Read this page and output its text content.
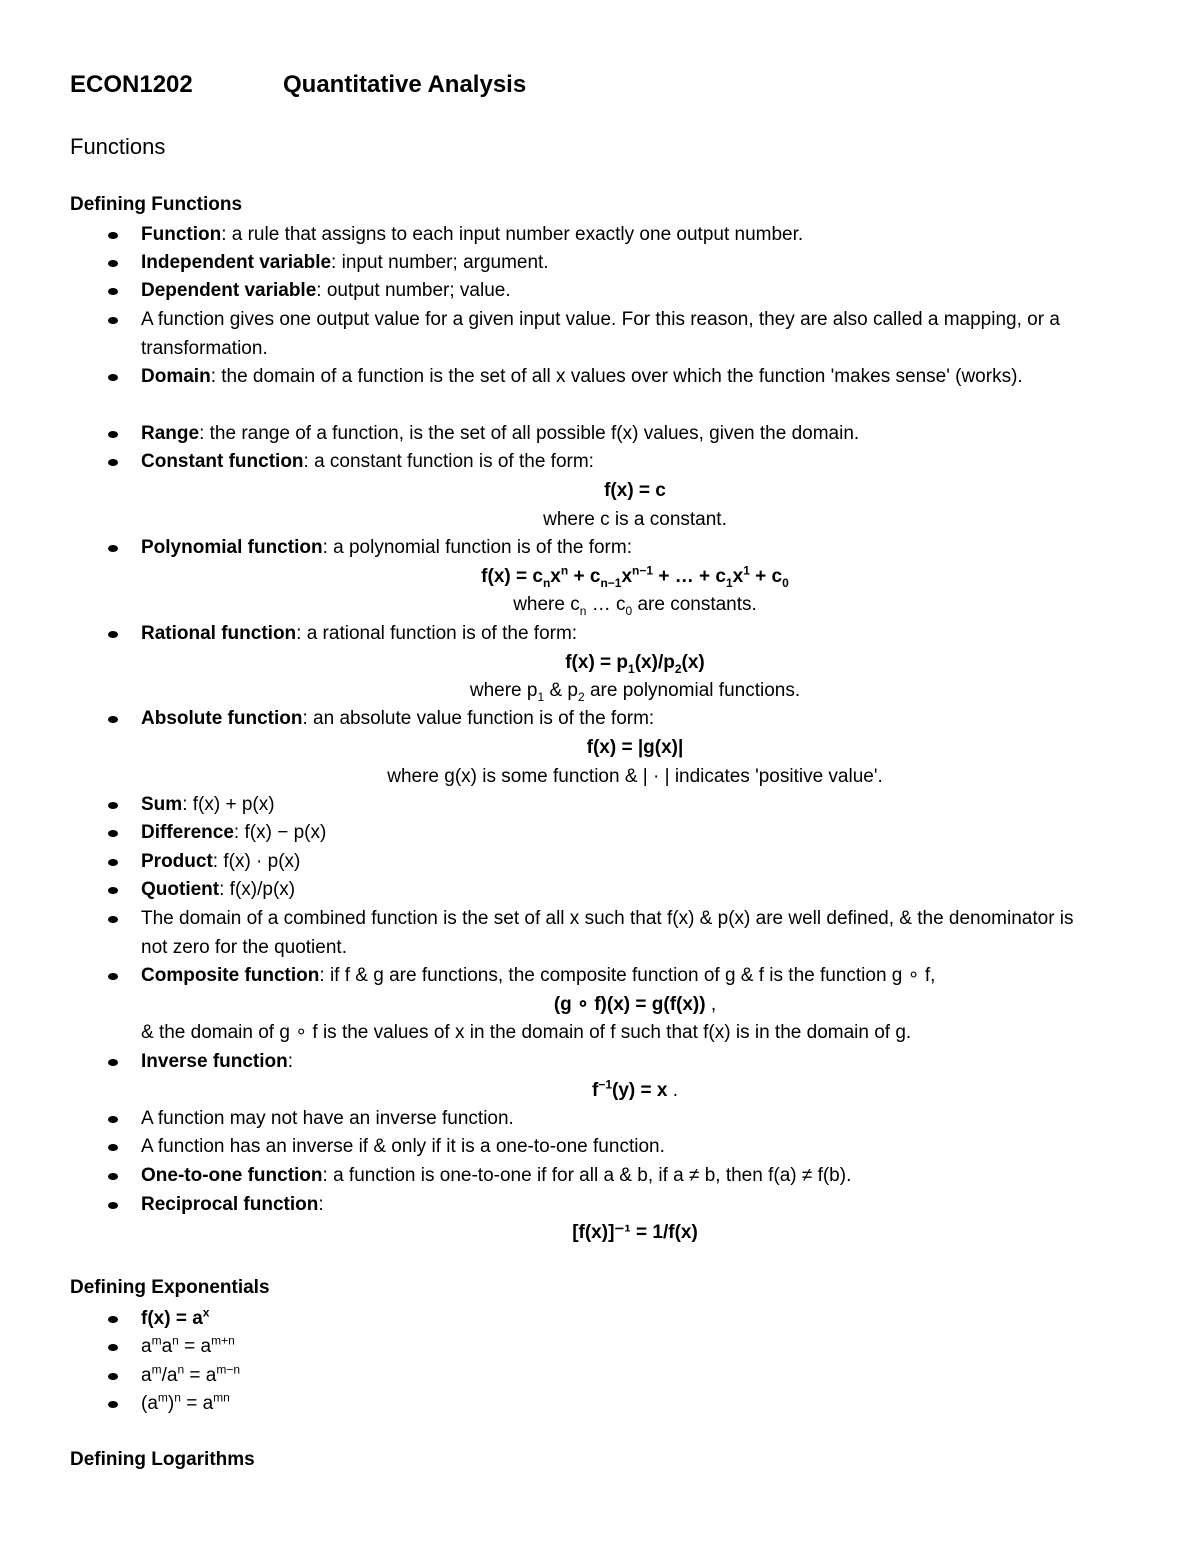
ECON1202	Quantitative Analysis
Functions
Defining Functions
Function: a rule that assigns to each input number exactly one output number.
Independent variable: input number; argument.
Dependent variable: output number; value.
A function gives one output value for a given input value. For this reason, they are also called a mapping, or a transformation.
Domain: the domain of a function is the set of all x values over which the function 'makes sense' (works).
Range: the range of a function, is the set of all possible f(x) values, given the domain.
Constant function: a constant function is of the form:
f(x) = c
where c is a constant.
Polynomial function: a polynomial function is of the form:
$f(x) = c_nx^n + c_{n-1}x^{n-1}$ + … + $c_1x^1 + c_0$
where $c_n$ … $c_0$ are constants.
Rational function: a rational function is of the form:
$f(x) = p_1(x)/p_2(x)$
where $p_1$ & $p_2$ are polynomial functions.
Absolute function: an absolute value function is of the form:
f(x) = |g(x)|
where g(x) is some function & | · | indicates 'positive value'.
Sum: f(x) + p(x)
Difference: f(x) − p(x)
Product: f(x) · p(x)
Quotient: f(x)/p(x)
The domain of a combined function is the set of all x such that f(x) & p(x) are well defined, & the denominator is not zero for the quotient.
Composite function: if f & g are functions, the composite function of g & f is the function g ∘ f,
(g ∘ f)(x) = g(f(x)) ,
& the domain of g ∘ f is the values of x in the domain of f such that f(x) is in the domain of g.
Inverse function:
$f^{-1}(y) = x$ .
A function may not have an inverse function.
A function has an inverse if & only if it is a one-to-one function.
One-to-one function: a function is one-to-one if for all a & b, if a ≠ b, then f(a) ≠ f(b).
Reciprocal function:
[f(x)]⁻¹ = 1/f(x)
Defining Exponentials
$f(x) = a^x$
$a^ma^n = a^{m+n}$
$a^m/a^n = a^{m-n}$
$(a^m)^n = a^{mn}$
Defining Logarithms
